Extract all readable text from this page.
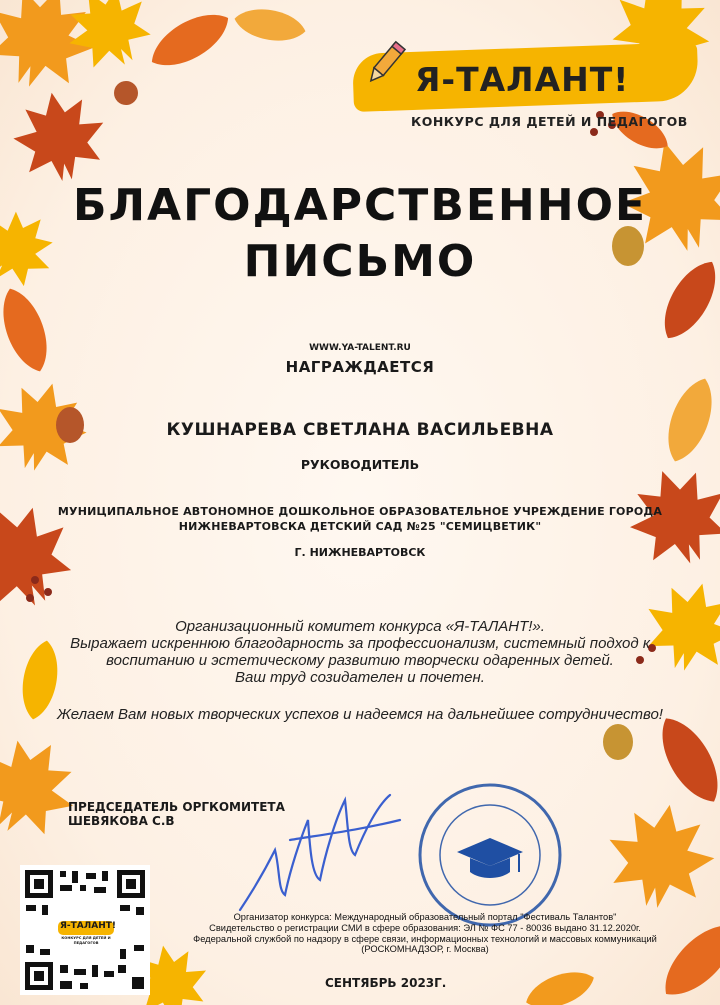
Я-ТАЛАНТ!
КОНКУРС ДЛЯ ДЕТЕЙ И ПЕДАГОГОВ
БЛАГОДАРСТВЕННОЕ
ПИСЬМО
WWW.YA-TALENT.RU
НАГРАЖДАЕТСЯ
КУШНАРЕВА СВЕТЛАНА ВАСИЛЬЕВНА
РУКОВОДИТЕЛЬ
МУНИЦИПАЛЬНОЕ АВТОНОМНОЕ ДОШКОЛЬНОЕ ОБРАЗОВАТЕЛЬНОЕ УЧРЕЖДЕНИЕ ГОРОДА
НИЖНЕВАРТОВСКА ДЕТСКИЙ САД №25 "СЕМИЦВЕТИК"
Г. НИЖНЕВАРТОВСК
Организационный комитет конкурса «Я-ТАЛАНТ!».
Выражает искреннюю благодарность за профессионализм, системный подход к
воспитанию и эстетическому развитию творчески одаренных детей.
Ваш труд созидателен и почетен.
Желаем Вам новых творческих успехов и надеемся на дальнейшее сотрудничество!
ПРЕДСЕДАТЕЛЬ ОРГКОМИТЕТА
ШЕВЯКОВА С.В
Я-ТАЛАНТ!
КОНКУРС ДЛЯ ДЕТЕЙ И ПЕДАГОГОВ
Организатор конкурса: Международный образовательный портал "Фестиваль Талантов"
Свидетельство о регистрации СМИ в сфере образования: ЭЛ № ФС 77 - 80036 выдано 31.12.2020г.
Федеральной службой по надзору в сфере связи, информационных технологий и массовых коммуникаций
(РОСКОМНАДЗОР, г. Москва)
СЕНТЯБРЬ 2023Г.
